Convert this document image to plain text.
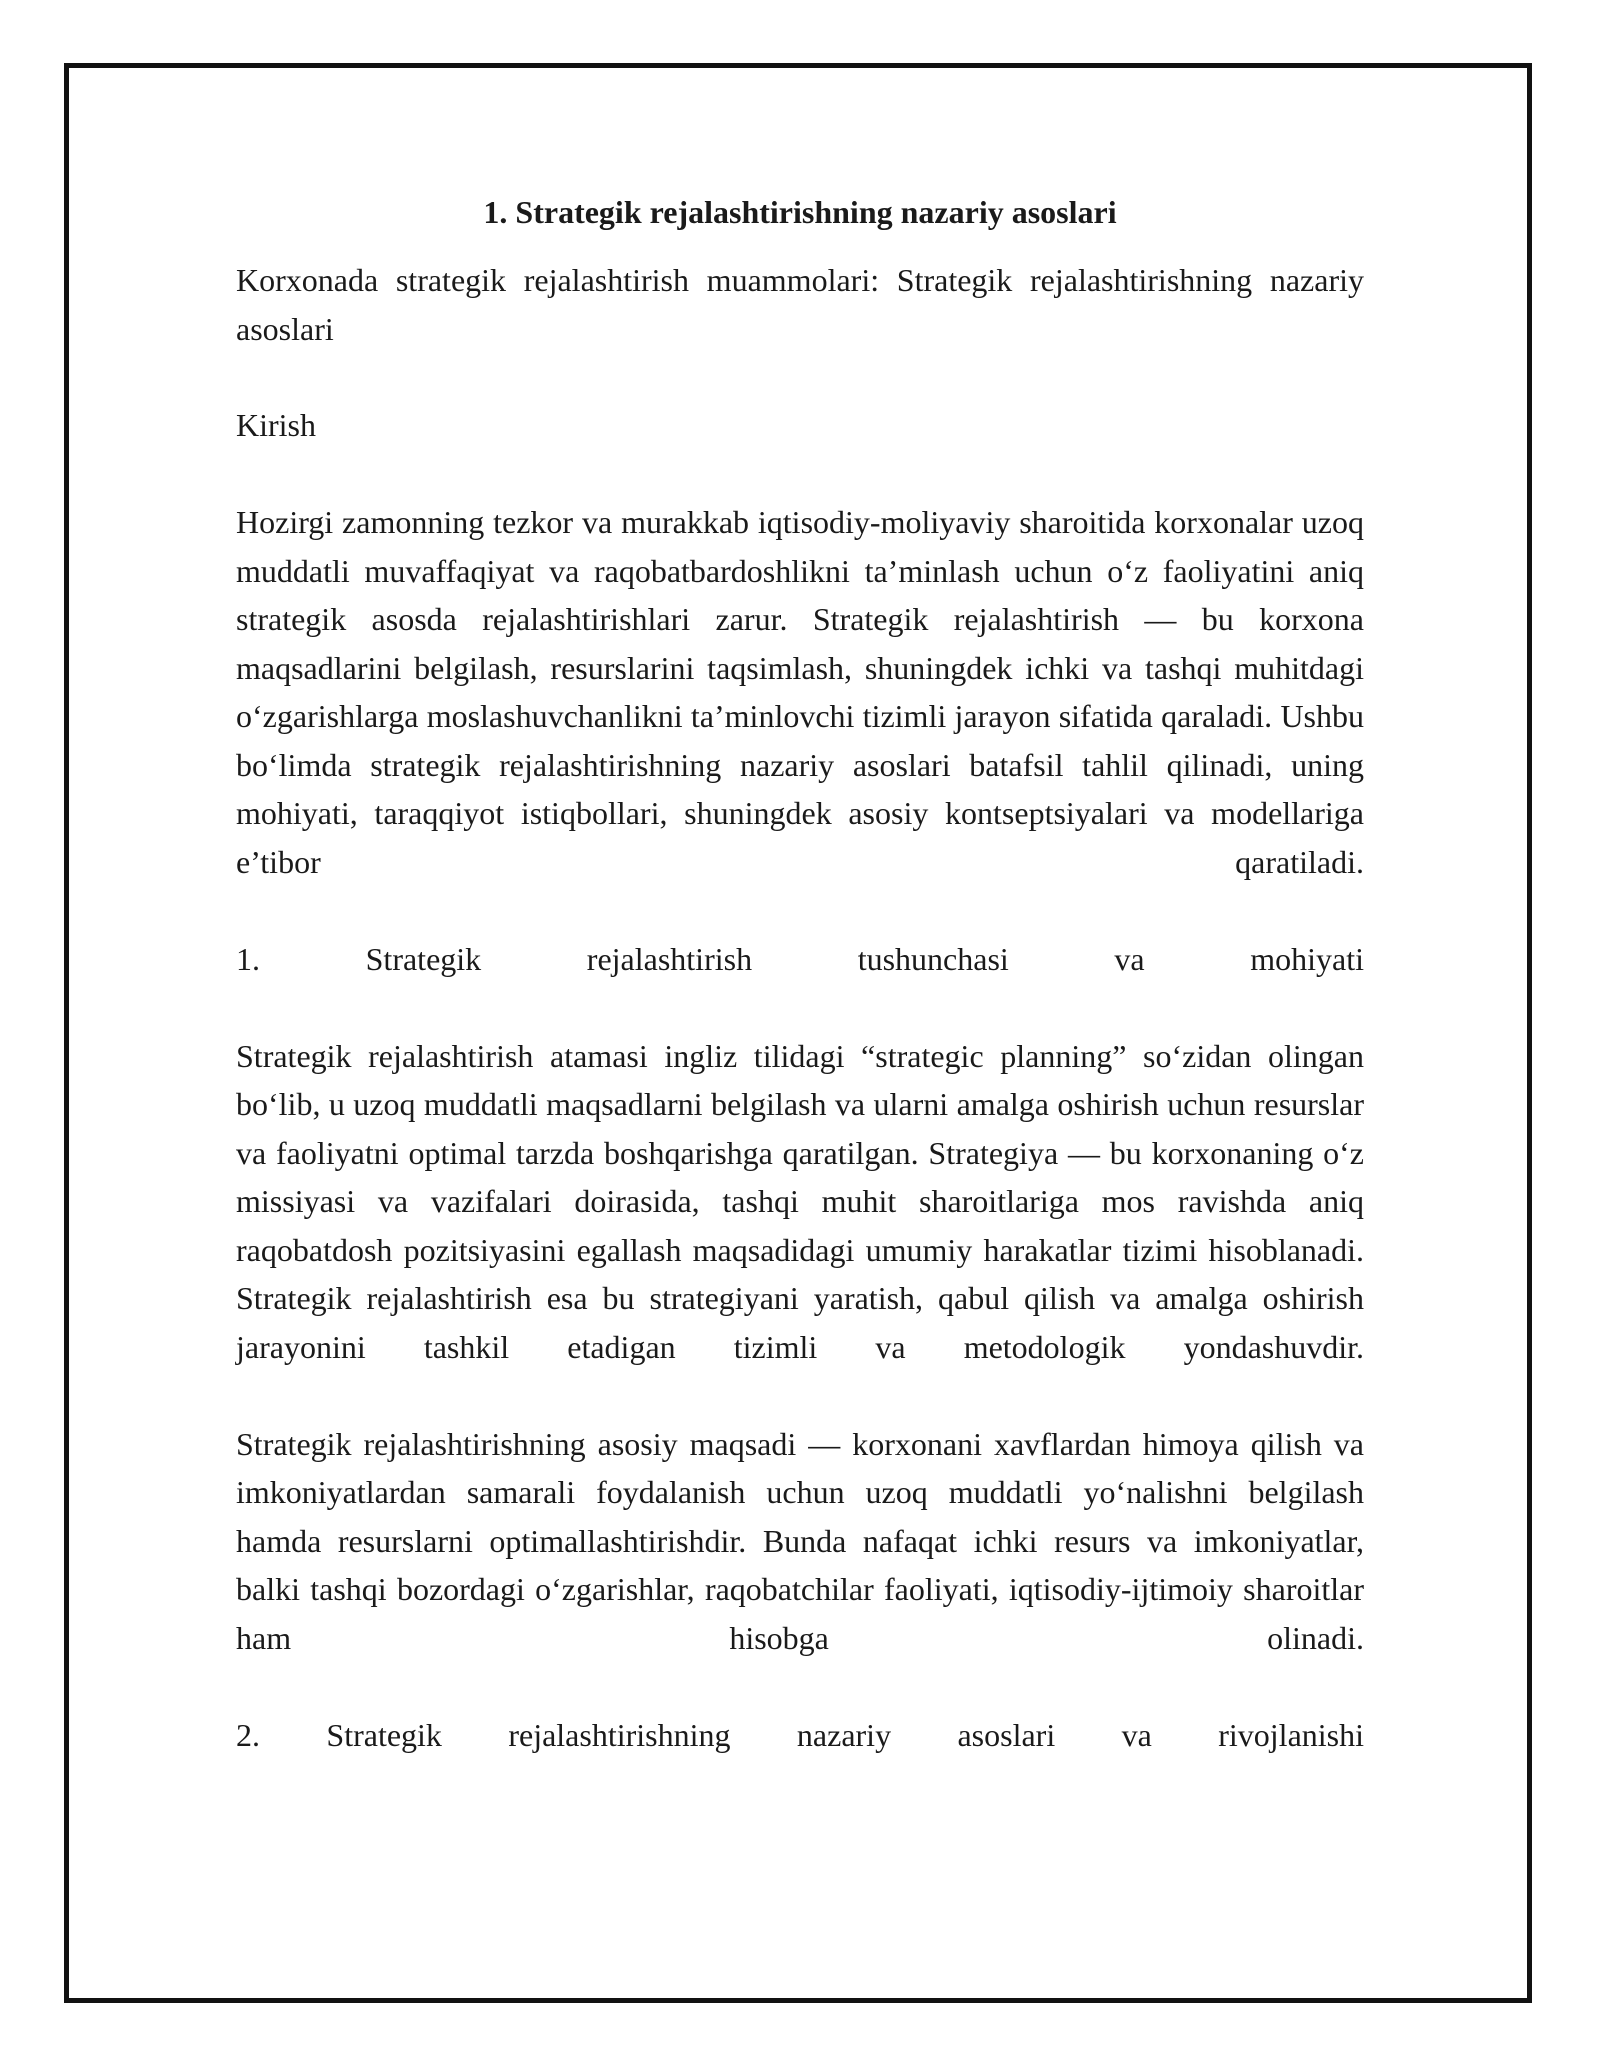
1. Strategik rejalashtirishning nazariy asoslari

Korxonada strategik rejalashtirish muammolari: Strategik rejalashtirishning nazariy asoslari

Kirish

Hozirgi zamonning tezkor va murakkab iqtisodiy-moliyaviy sharoitida korxonalar uzoq muddatli muvaffaqiyat va raqobatbardoshlikni ta’minlash uchun o‘z faoliyatini aniq strategik asosda rejalashtirishlari zarur. Strategik rejalashtirish — bu korxona maqsadlarini belgilash, resurslarini taqsimlash, shuningdek ichki va tashqi muhitdagi o‘zgarishlarga moslashuvchanlikni ta’minlovchi tizimli jarayon sifatida qaraladi. Ushbu bo‘limda strategik rejalashtirishning nazariy asoslari batafsil tahlil qilinadi, uning mohiyati, taraqqiyot istiqbollari, shuningdek asosiy kontseptsiyalari va modellariga e’tibor qaratiladi.

1. Strategik rejalashtirish tushunchasi va mohiyati

Strategik rejalashtirish atamasi ingliz tilidagi “strategic planning” so‘zidan olingan bo‘lib, u uzoq muddatli maqsadlarni belgilash va ularni amalga oshirish uchun resurslar va faoliyatni optimal tarzda boshqarishga qaratilgan. Strategiya — bu korxonaning o‘z missiyasi va vazifalari doirasida, tashqi muhit sharoitlariga mos ravishda aniq raqobatdosh pozitsiyasini egallash maqsadidagi umumiy harakatlar tizimi hisoblanadi. Strategik rejalashtirish esa bu strategiyani yaratish, qabul qilish va amalga oshirish jarayonini tashkil etadigan tizimli va metodologik yondashuvdir.

Strategik rejalashtirishning asosiy maqsadi — korxonani xavflardan himoya qilish va imkoniyatlardan samarali foydalanish uchun uzoq muddatli yo‘nalishni belgilash hamda resurslarni optimallashtirishdir. Bunda nafaqat ichki resurs va imkoniyatlar, balki tashqi bozordagi o‘zgarishlar, raqobatchilar faoliyati, iqtisodiy-ijtimoiy sharoitlar ham hisobga olinadi.

2. Strategik rejalashtirishning nazariy asoslari va rivojlanishi
